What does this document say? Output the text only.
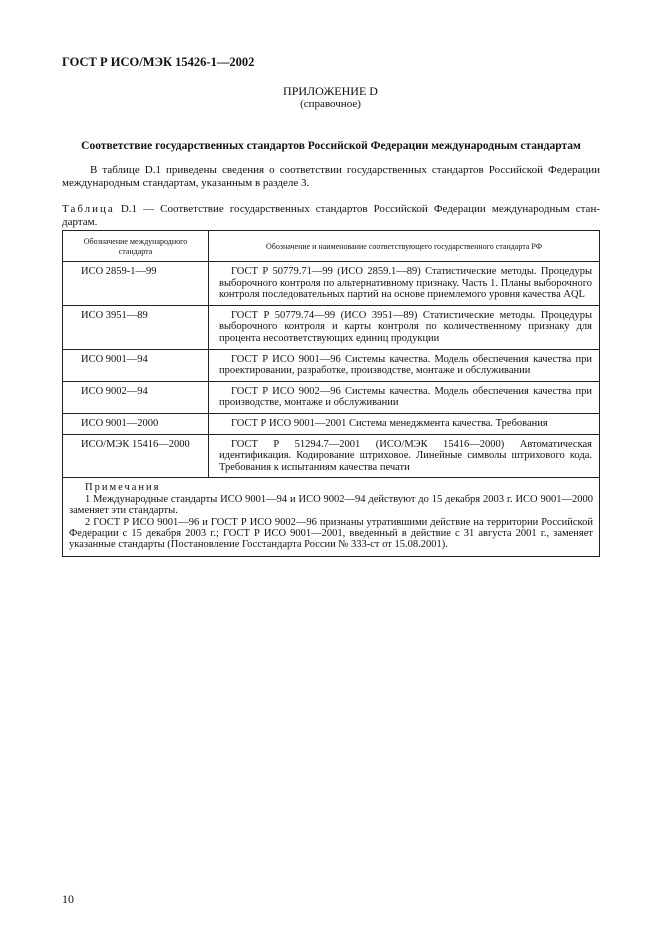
ГОСТ Р ИСО/МЭК 15426-1—2002
ПРИЛОЖЕНИЕ D
(справочное)
Соответствие государственных стандартов Российской Федерации международным стандартам
В таблице D.1 приведены сведения о соответствии государственных стандартов Российской Федерации международным стандартам, указанным в разделе 3.
Таблица D.1 — Соответствие государственных стандартов Российской Федерации международным стан-дартам.
Обозначение международного стандарта	Обозначение и наименование соответствующего государственного стандарта РФ
ИСО 2859-1—99	ГОСТ Р 50779.71—99 (ИСО 2859.1—89) Статистические методы. Процедуры выборочного контроля по альтернативному признаку. Часть 1. Планы выборочного контроля последовательных партий на основе приемлемого уровня качества AQL
ИСО 3951—89	ГОСТ Р 50779.74—99 (ИСО 3951—89) Статистические методы. Процедуры выборочного контроля и карты контроля по количественному признаку для процента несоответствующих единиц продукции
ИСО 9001—94	ГОСТ Р ИСО 9001—96 Системы качества. Модель обеспечения качества при проектировании, разработке, производстве, монтаже и обслуживании
ИСО 9002—94	ГОСТ Р ИСО 9002—96 Системы качества. Модель обеспечения качества при производстве, монтаже и обслуживании
ИСО 9001—2000	ГОСТ Р ИСО 9001—2001 Система менеджмента качества. Требования
ИСО/МЭК 15416—2000	ГОСТ Р 51294.7—2001 (ИСО/МЭК 15416—2000) Автоматическая идентификация. Кодирование штриховое. Линейные символы штрихового кода. Требования к испытаниям качества печати

Примечания

1 Международные стандарты ИСО 9001—94 и ИСО 9002—94 действуют до 15 декабря 2003 г. ИСО 9001—2000 заменяет эти стандарты.

2 ГОСТ Р ИСО 9001—96 и ГОСТ Р ИСО 9002—96 признаны утратившими действие на территории Российской Федерации с 15 декабря 2003 г.; ГОСТ Р ИСО 9001—2001, введенный в действие с 31 августа 2001 г., заменяет указанные стандарты (Постановление Госстандарта России № 333-ст от 15.08.2001).	

10
